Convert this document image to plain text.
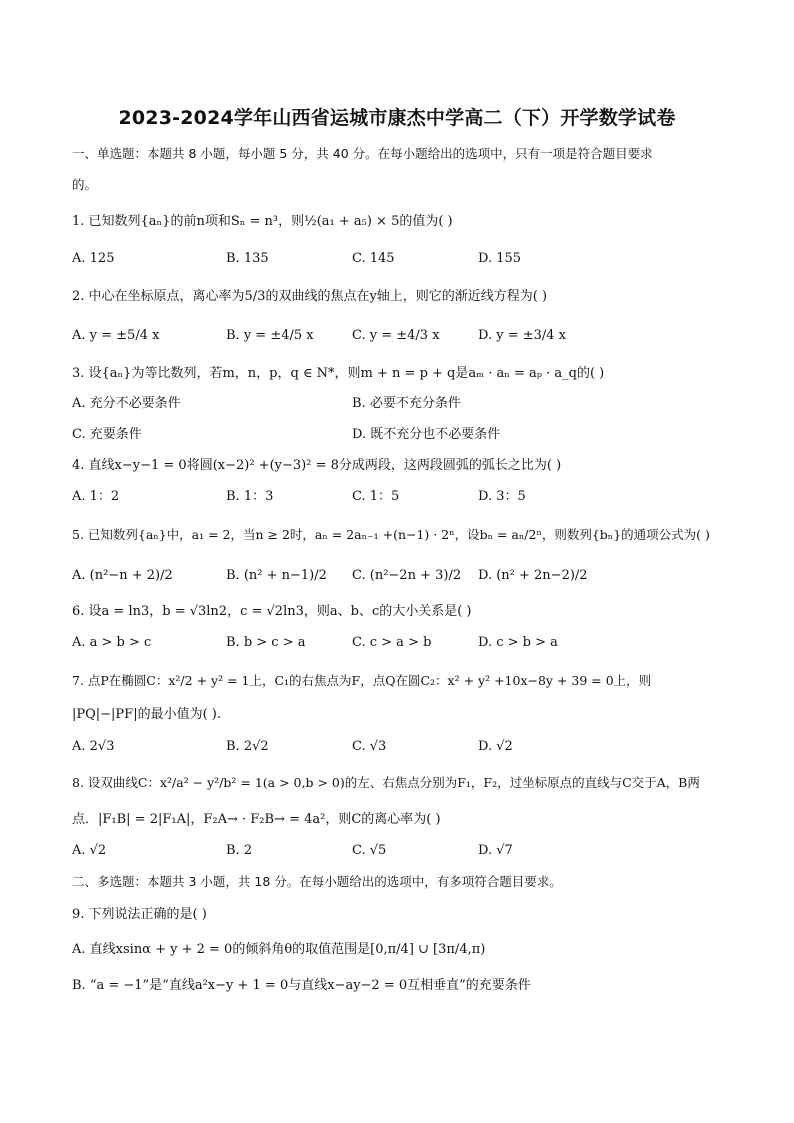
2023-2024学年山西省运城市康杰中学高二（下）开学数学试卷
一、单选题：本题共 8 小题，每小题 5 分，共 40 分。在每小题给出的选项中，只有一项是符合题目要求
的。
1. 已知数列{aₙ}的前n项和Sₙ = n³，则½(a₁ + a₅) × 5的值为( )
A. 125	B. 135	C. 145	D. 155
2. 中心在坐标原点，离心率为5/3的双曲线的焦点在y轴上，则它的渐近线方程为( )
A. y = ±5/4 x	B. y = ±4/5 x	C. y = ±4/3 x	D. y = ±3/4 x
3. 设{aₙ}为等比数列，若m，n，p，q ∈ N*，则m + n = p + q是aₘ · aₙ = aₚ · a_q的( )
A. 充分不必要条件	B. 必要不充分条件
C. 充要条件	D. 既不充分也不必要条件
4. 直线x−y−1 = 0将圆(x−2)² +(y−3)² = 8分成两段，这两段圆弧的弧长之比为( )
A. 1：2	B. 1：3	C. 1：5	D. 3：5
5. 已知数列{aₙ}中，a₁ = 2，当n ≥ 2时，aₙ = 2aₙ₋₁ +(n−1) · 2ⁿ，设bₙ = aₙ/2ⁿ，则数列{bₙ}的通项公式为( )
A. (n²−n + 2)/2	B. (n² + n−1)/2 C. (n²−2n + 3)/2 D. (n² + 2n−2)/2
6. 设a = ln3，b = √3ln2，c = √2ln3，则a、b、c的大小关系是( )
A. a > b > c	B. b > c > a	C. c > a > b	D. c > b > a
7. 点P在椭圆C：x²/2 + y² = 1上，C₁的右焦点为F，点Q在圆C₂：x² + y² +10x−8y + 39 = 0上，则
|PQ|−|PF|的最小值为( ).
A. 2√3	B. 2√2	C. √3	D. √2
8. 设双曲线C：x²/a² − y²/b² = 1(a > 0,b > 0)的左、右焦点分别为F₁，F₂，过坐标原点的直线与C交于A，B两
点．|F₁B| = 2|F₁A|，F₂A→ · F₂B→ = 4a²，则C的离心率为( )
A. √2	B. 2	C. √5	D. √7
二、多选题：本题共 3 小题，共 18 分。在每小题给出的选项中，有多项符合题目要求。
9. 下列说法正确的是( )
A. 直线xsinα + y + 2 = 0的倾斜角θ的取值范围是[0,π/4] ∪ [3π/4,π)
B. “a = −1”是“直线a²x−y + 1 = 0与直线x−ay−2 = 0互相垂直”的充要条件
